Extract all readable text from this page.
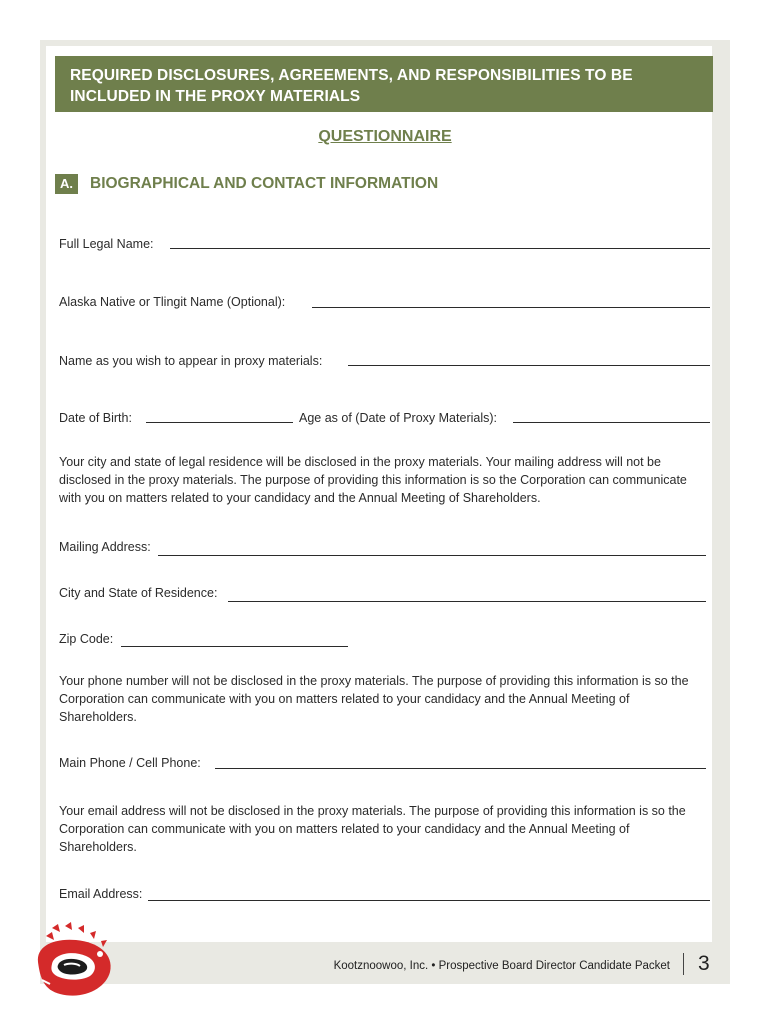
REQUIRED DISCLOSURES, AGREEMENTS, AND RESPONSIBILITIES TO BE INCLUDED IN THE PROXY MATERIALS
QUESTIONNAIRE
A.	BIOGRAPHICAL AND CONTACT INFORMATION
Full Legal Name:
Alaska Native or Tlingit Name (Optional):
Name as you wish to appear in proxy materials:
Date of Birth:	Age as of (Date of Proxy Materials):
Your city and state of legal residence will be disclosed in the proxy materials. Your mailing address will not be disclosed in the proxy materials. The purpose of providing this information is so the Corporation can communicate with you on matters related to your candidacy and the Annual Meeting of Shareholders.
Mailing Address:
City and State of Residence:
Zip Code:
Your phone number will not be disclosed in the proxy materials. The purpose of providing this information is so the Corporation can communicate with you on matters related to your candidacy and the Annual Meeting of Shareholders.
Main Phone / Cell Phone:
Your email address will not be disclosed in the proxy materials. The purpose of providing this information is so the Corporation can communicate with you on matters related to your candidacy and the Annual Meeting of Shareholders.
Email Address:
Kootznoowoo, Inc. • Prospective Board Director Candidate Packet 3
